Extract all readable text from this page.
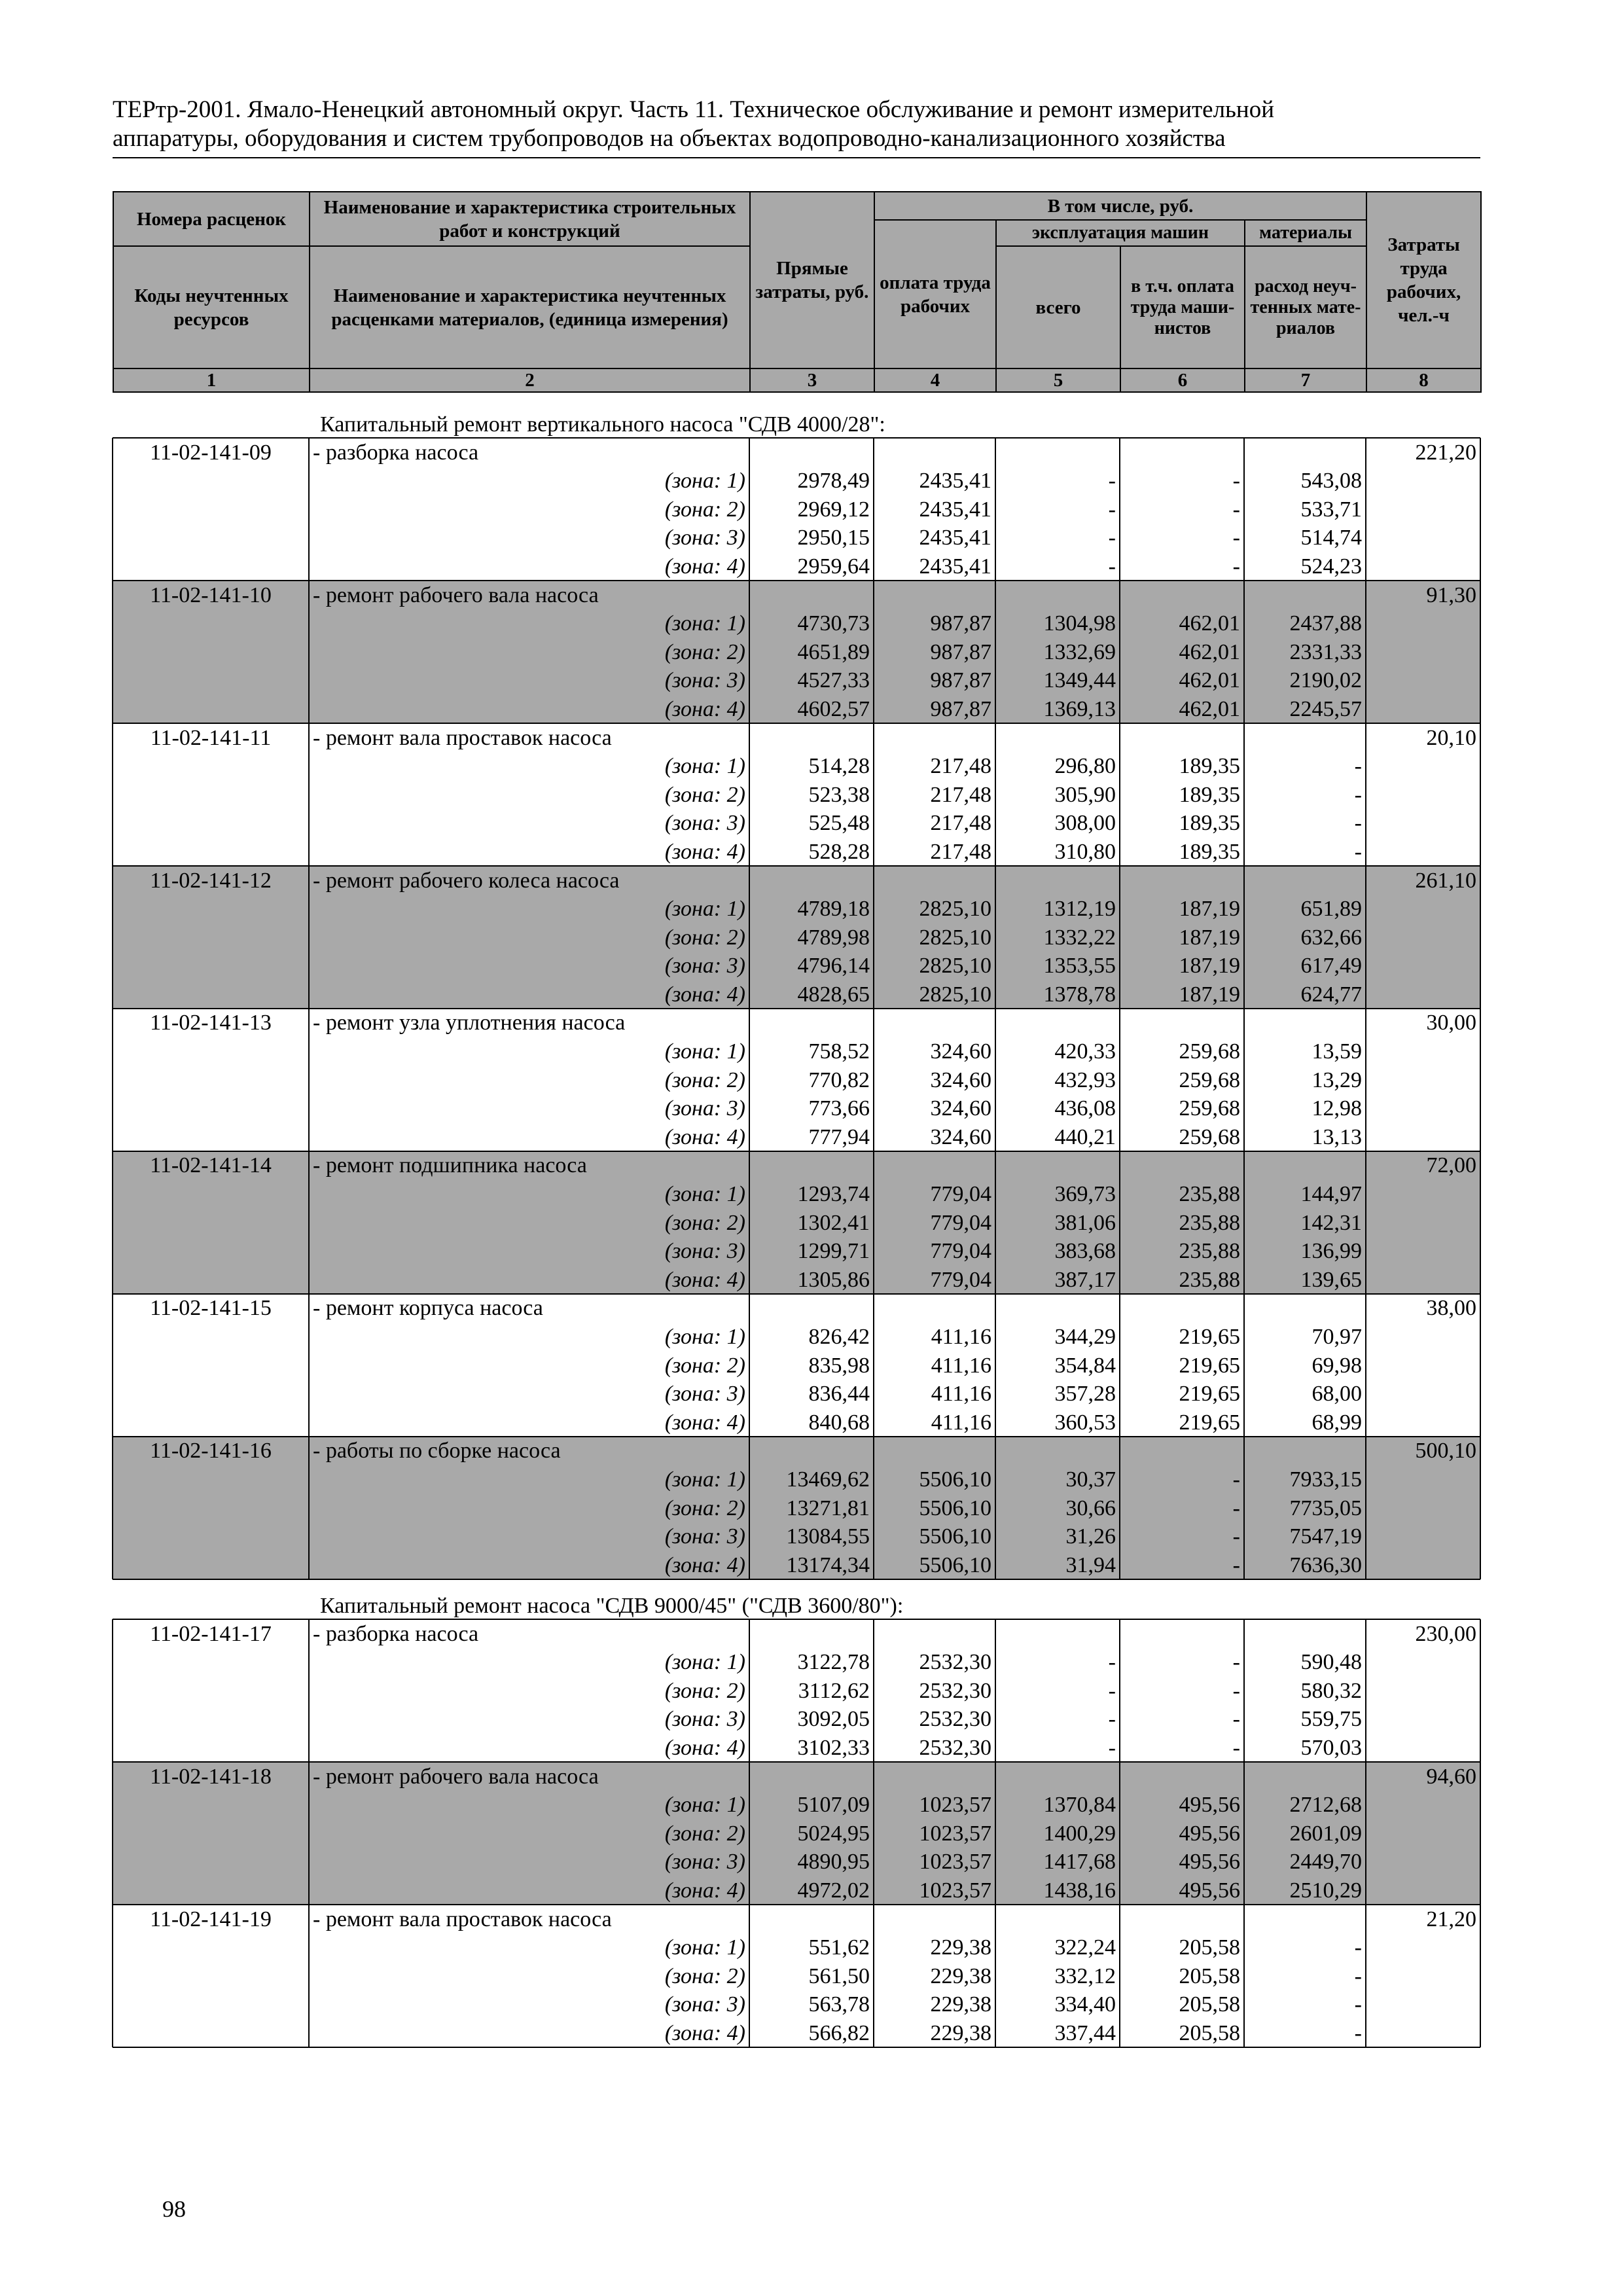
ТЕРтр-2001. Ямало-Ненецкий автономный округ. Часть 11. Техническое обслуживание и ремонт измерительной
аппаратуры, оборудования и систем трубопроводов на объектах водопроводно-канализационного хозяйства
Номера расценок	Наименование и характеристика строительных работ и конструкций	Прямые затраты, руб.	В том числе, руб.				Затраты труда рабочих, чел.-ч
			оплата труда рабочих	эксплуатация машин		материалы	
Коды неучтенных ресурсов	Наименование и характеристика неучтенных расценками материалов, (единица измерения)			всего	в т.ч. оплата труда маши-нистов	расход неуч-тенных мате-риалов	
1	2	3	4	5	6	7	8
Капитальный ремонт вертикального насоса "СДВ 4000/28":
11-02-141-09	- разборка насоса						221,20
	(зона: 1)	2978,49	2435,41	-	-	543,08	
	(зона: 2)	2969,12	2435,41	-	-	533,71	
	(зона: 3)	2950,15	2435,41	-	-	514,74	
	(зона: 4)	2959,64	2435,41	-	-	524,23	
11-02-141-10	- ремонт рабочего вала насоса						91,30
	(зона: 1)	4730,73	987,87	1304,98	462,01	2437,88	
	(зона: 2)	4651,89	987,87	1332,69	462,01	2331,33	
	(зона: 3)	4527,33	987,87	1349,44	462,01	2190,02	
	(зона: 4)	4602,57	987,87	1369,13	462,01	2245,57	
11-02-141-11	- ремонт вала проставок насоса						20,10
	(зона: 1)	514,28	217,48	296,80	189,35	-	
	(зона: 2)	523,38	217,48	305,90	189,35	-	
	(зона: 3)	525,48	217,48	308,00	189,35	-	
	(зона: 4)	528,28	217,48	310,80	189,35	-	
11-02-141-12	- ремонт рабочего колеса насоса						261,10
	(зона: 1)	4789,18	2825,10	1312,19	187,19	651,89	
	(зона: 2)	4789,98	2825,10	1332,22	187,19	632,66	
	(зона: 3)	4796,14	2825,10	1353,55	187,19	617,49	
	(зона: 4)	4828,65	2825,10	1378,78	187,19	624,77	
11-02-141-13	- ремонт узла уплотнения насоса						30,00
	(зона: 1)	758,52	324,60	420,33	259,68	13,59	
	(зона: 2)	770,82	324,60	432,93	259,68	13,29	
	(зона: 3)	773,66	324,60	436,08	259,68	12,98	
	(зона: 4)	777,94	324,60	440,21	259,68	13,13	
11-02-141-14	- ремонт подшипника насоса						72,00
	(зона: 1)	1293,74	779,04	369,73	235,88	144,97	
	(зона: 2)	1302,41	779,04	381,06	235,88	142,31	
	(зона: 3)	1299,71	779,04	383,68	235,88	136,99	
	(зона: 4)	1305,86	779,04	387,17	235,88	139,65	
11-02-141-15	- ремонт корпуса насоса						38,00
	(зона: 1)	826,42	411,16	344,29	219,65	70,97	
	(зона: 2)	835,98	411,16	354,84	219,65	69,98	
	(зона: 3)	836,44	411,16	357,28	219,65	68,00	
	(зона: 4)	840,68	411,16	360,53	219,65	68,99	
11-02-141-16	- работы по сборке насоса						500,10
	(зона: 1)	13469,62	5506,10	30,37	-	7933,15	
	(зона: 2)	13271,81	5506,10	30,66	-	7735,05	
	(зона: 3)	13084,55	5506,10	31,26	-	7547,19	
	(зона: 4)	13174,34	5506,10	31,94	-	7636,30	
Капитальный ремонт насоса "СДВ 9000/45" ("СДВ 3600/80"):
11-02-141-17	- разборка насоса						230,00
	(зона: 1)	3122,78	2532,30	-	-	590,48	
	(зона: 2)	3112,62	2532,30	-	-	580,32	
	(зона: 3)	3092,05	2532,30	-	-	559,75	
	(зона: 4)	3102,33	2532,30	-	-	570,03	
11-02-141-18	- ремонт рабочего вала насоса						94,60
	(зона: 1)	5107,09	1023,57	1370,84	495,56	2712,68	
	(зона: 2)	5024,95	1023,57	1400,29	495,56	2601,09	
	(зона: 3)	4890,95	1023,57	1417,68	495,56	2449,70	
	(зона: 4)	4972,02	1023,57	1438,16	495,56	2510,29	
11-02-141-19	- ремонт вала проставок насоса						21,20
	(зона: 1)	551,62	229,38	322,24	205,58	-	
	(зона: 2)	561,50	229,38	332,12	205,58	-	
	(зона: 3)	563,78	229,38	334,40	205,58	-	
	(зона: 4)	566,82	229,38	337,44	205,58	-	
98
